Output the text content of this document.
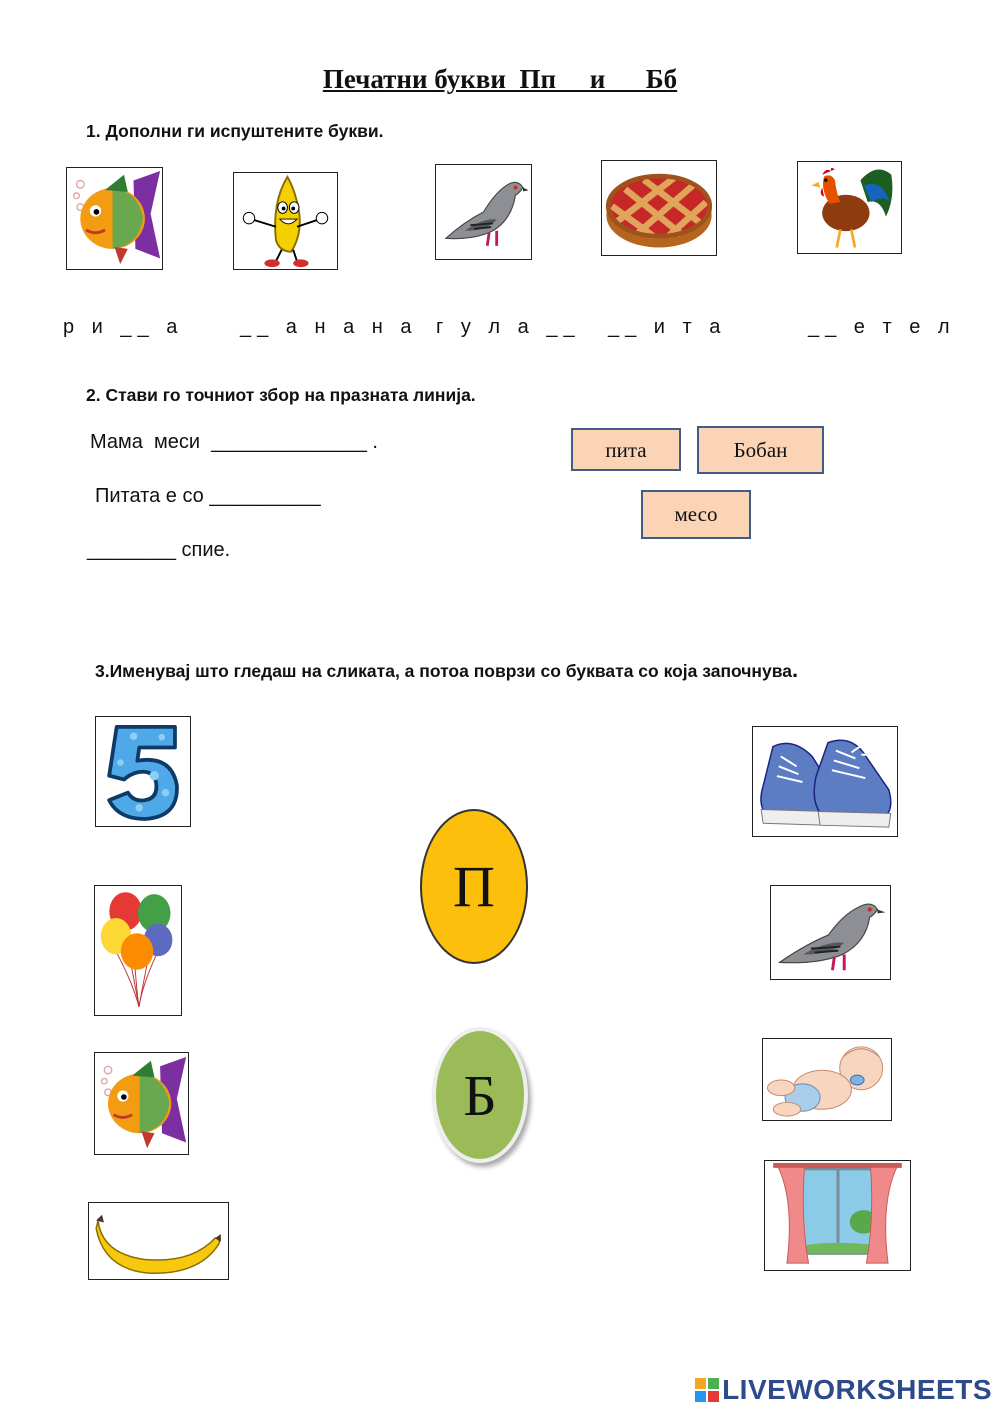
Печатни букви  Пп     и      Бб
1. Дополни ги испуштените букви.
р и __ а	__ а н а н а г у л а __ __ и т а	__ е т е л
2. Стави го точниот збор на празната линија.
Мама  меси  ______________ .
Питата е со __________
________ спие.
пита	Бобан
месо
3.Именувај што гледаш на сликата, а потоа поврзи со буквата со која започнува.
П
Б
LIVEWORKSHEETS
